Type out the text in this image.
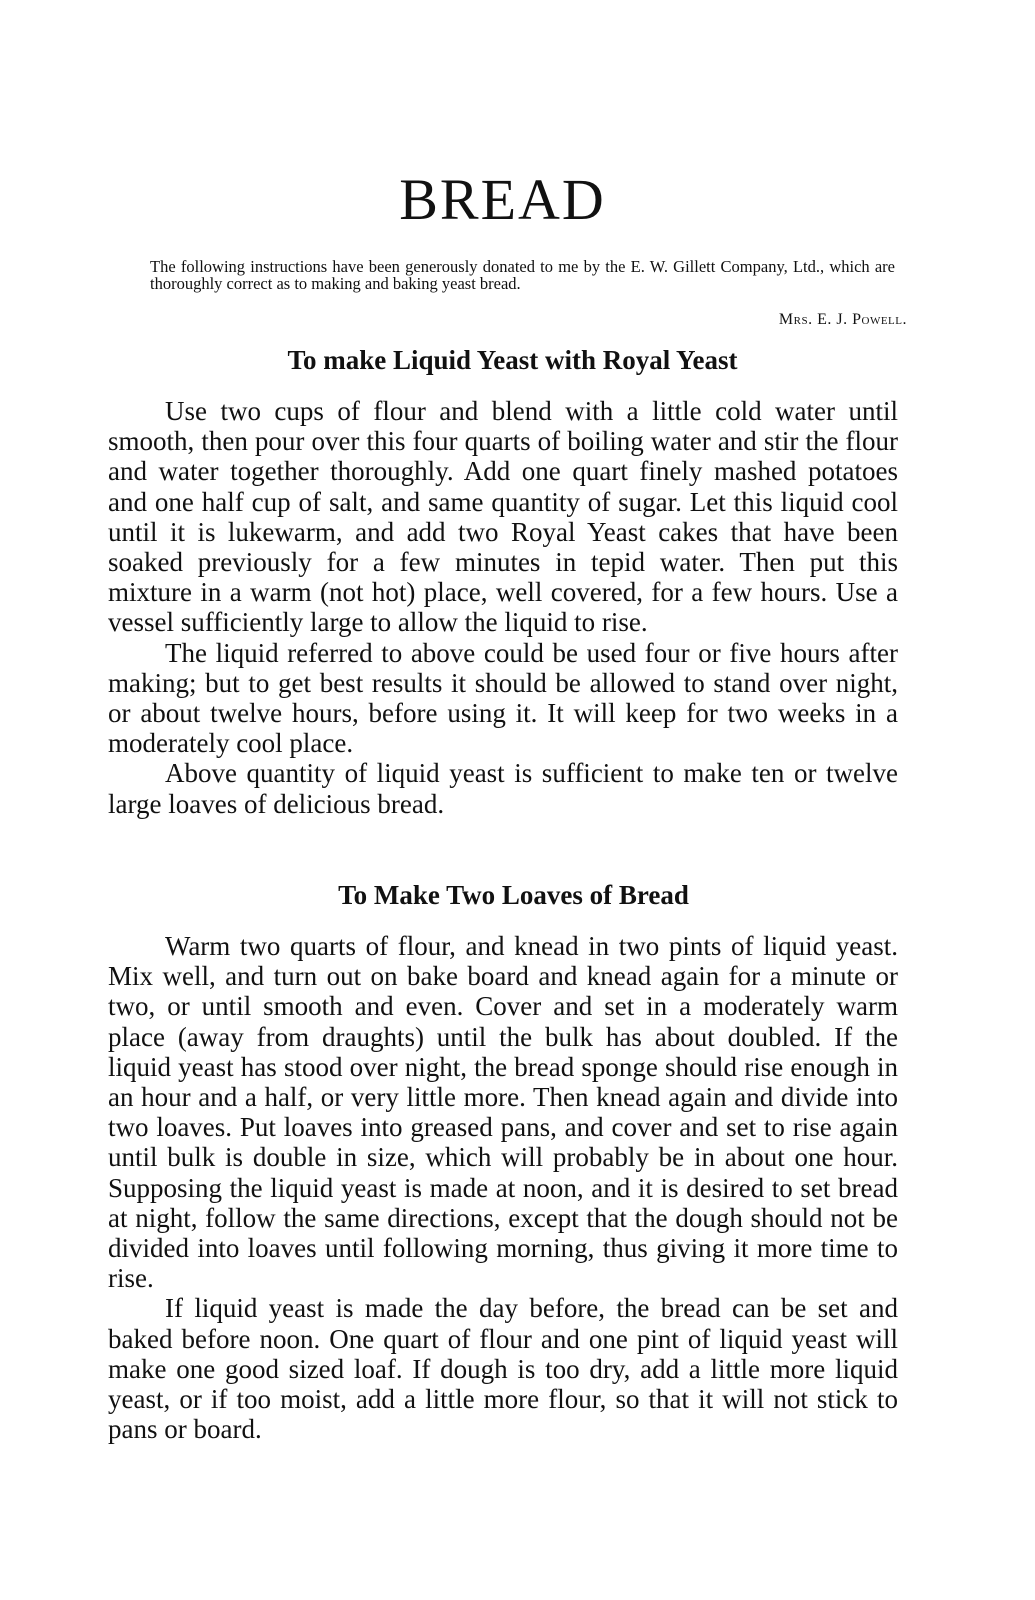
BREAD

The following instructions have been generously donated to me by the E. W. Gillett Company, Ltd., which are thoroughly correct as to making and baking yeast bread.

Mrs. E. J. Powell.

To make Liquid Yeast with Royal Yeast

Use two cups of flour and blend with a little cold water until smooth, then pour over this four quarts of boiling water and stir the flour and water together thoroughly. Add one quart finely mashed potatoes and one half cup of salt, and same quantity of sugar. Let this liquid cool until it is lukewarm, and add two Royal Yeast cakes that have been soaked previously for a few minutes in tepid water. Then put this mixture in a warm (not hot) place, well covered, for a few hours. Use a vessel sufficiently large to allow the liquid to rise.

The liquid referred to above could be used four or five hours after making; but to get best results it should be allowed to stand over night, or about twelve hours, before using it. It will keep for two weeks in a moderately cool place.

Above quantity of liquid yeast is sufficient to make ten or twelve large loaves of delicious bread.

To Make Two Loaves of Bread

Warm two quarts of flour, and knead in two pints of liquid yeast. Mix well, and turn out on bake board and knead again for a minute or two, or until smooth and even. Cover and set in a moderately warm place (away from draughts) until the bulk has about doubled. If the liquid yeast has stood over night, the bread sponge should rise enough in an hour and a half, or very little more. Then knead again and divide into two loaves. Put loaves into greased pans, and cover and set to rise again until bulk is double in size, which will probably be in about one hour. Supposing the liquid yeast is made at noon, and it is desired to set bread at night, follow the same directions, except that the dough should not be divided into loaves until following morning, thus giving it more time to rise.

If liquid yeast is made the day before, the bread can be set and baked before noon. One quart of flour and one pint of liquid yeast will make one good sized loaf. If dough is too dry, add a little more liquid yeast, or if too moist, add a little more flour, so that it will not stick to pans or board.
